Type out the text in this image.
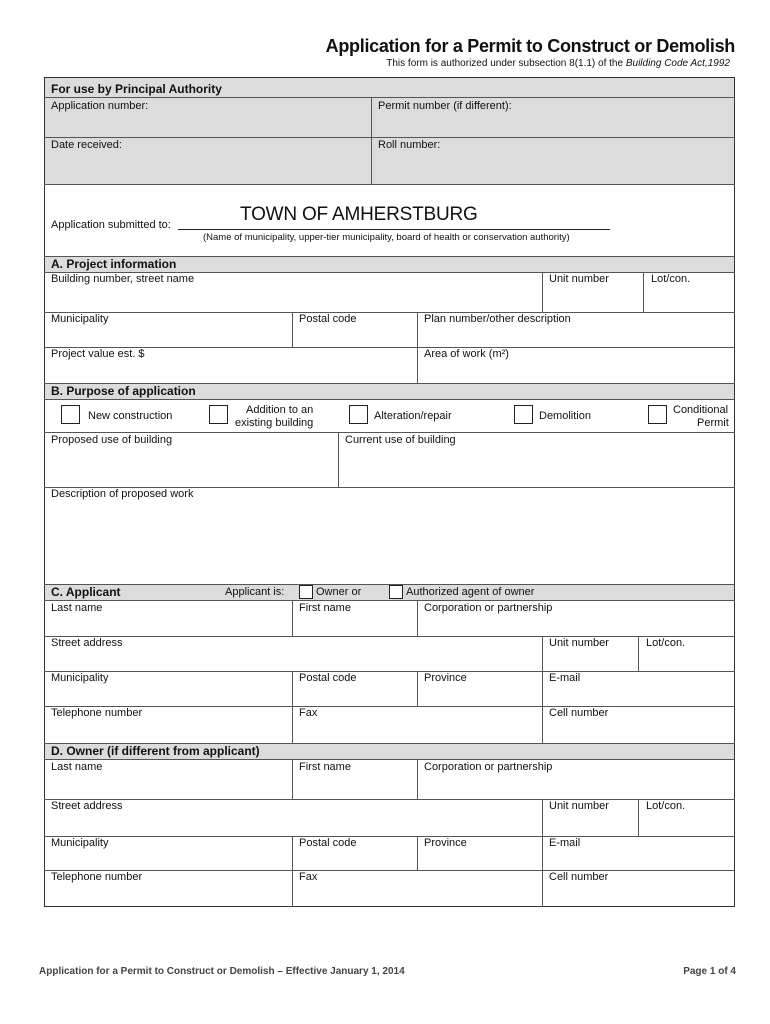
Application for a Permit to Construct or Demolish
This form is authorized under subsection 8(1.1) of the Building Code Act,1992
For use by Principal Authority
Application number:	Permit number (if different):
Date received:	Roll number:
Application submitted to:	TOWN OF AMHERSTBURG
(Name of municipality, upper-tier municipality, board of health or conservation authority)
A. Project information
Building number, street name	Unit number	Lot/con.
Municipality	Postal code	Plan number/other description
Project value est. $	Area of work (m²)
B. Purpose of application
New construction	Addition to an
existing building
Alteration/repair	Demolition	Conditional
Permit
Proposed use of building	Current use of building
Description of proposed work
C. Applicant	Applicant is:	Owner or	Authorized agent of owner
Last name	First name	Corporation or partnership
Street address	Unit number	Lot/con.
Municipality	Postal code	Province	E-mail
Telephone number	Fax	Cell number
D. Owner (if different from applicant)
Last name	First name	Corporation or partnership
Street address	Unit number	Lot/con.
Municipality	Postal code	Province	E-mail
Telephone number	Fax	Cell number
Application for a Permit to Construct or Demolish – Effective January 1, 2014	Page 1 of 4
